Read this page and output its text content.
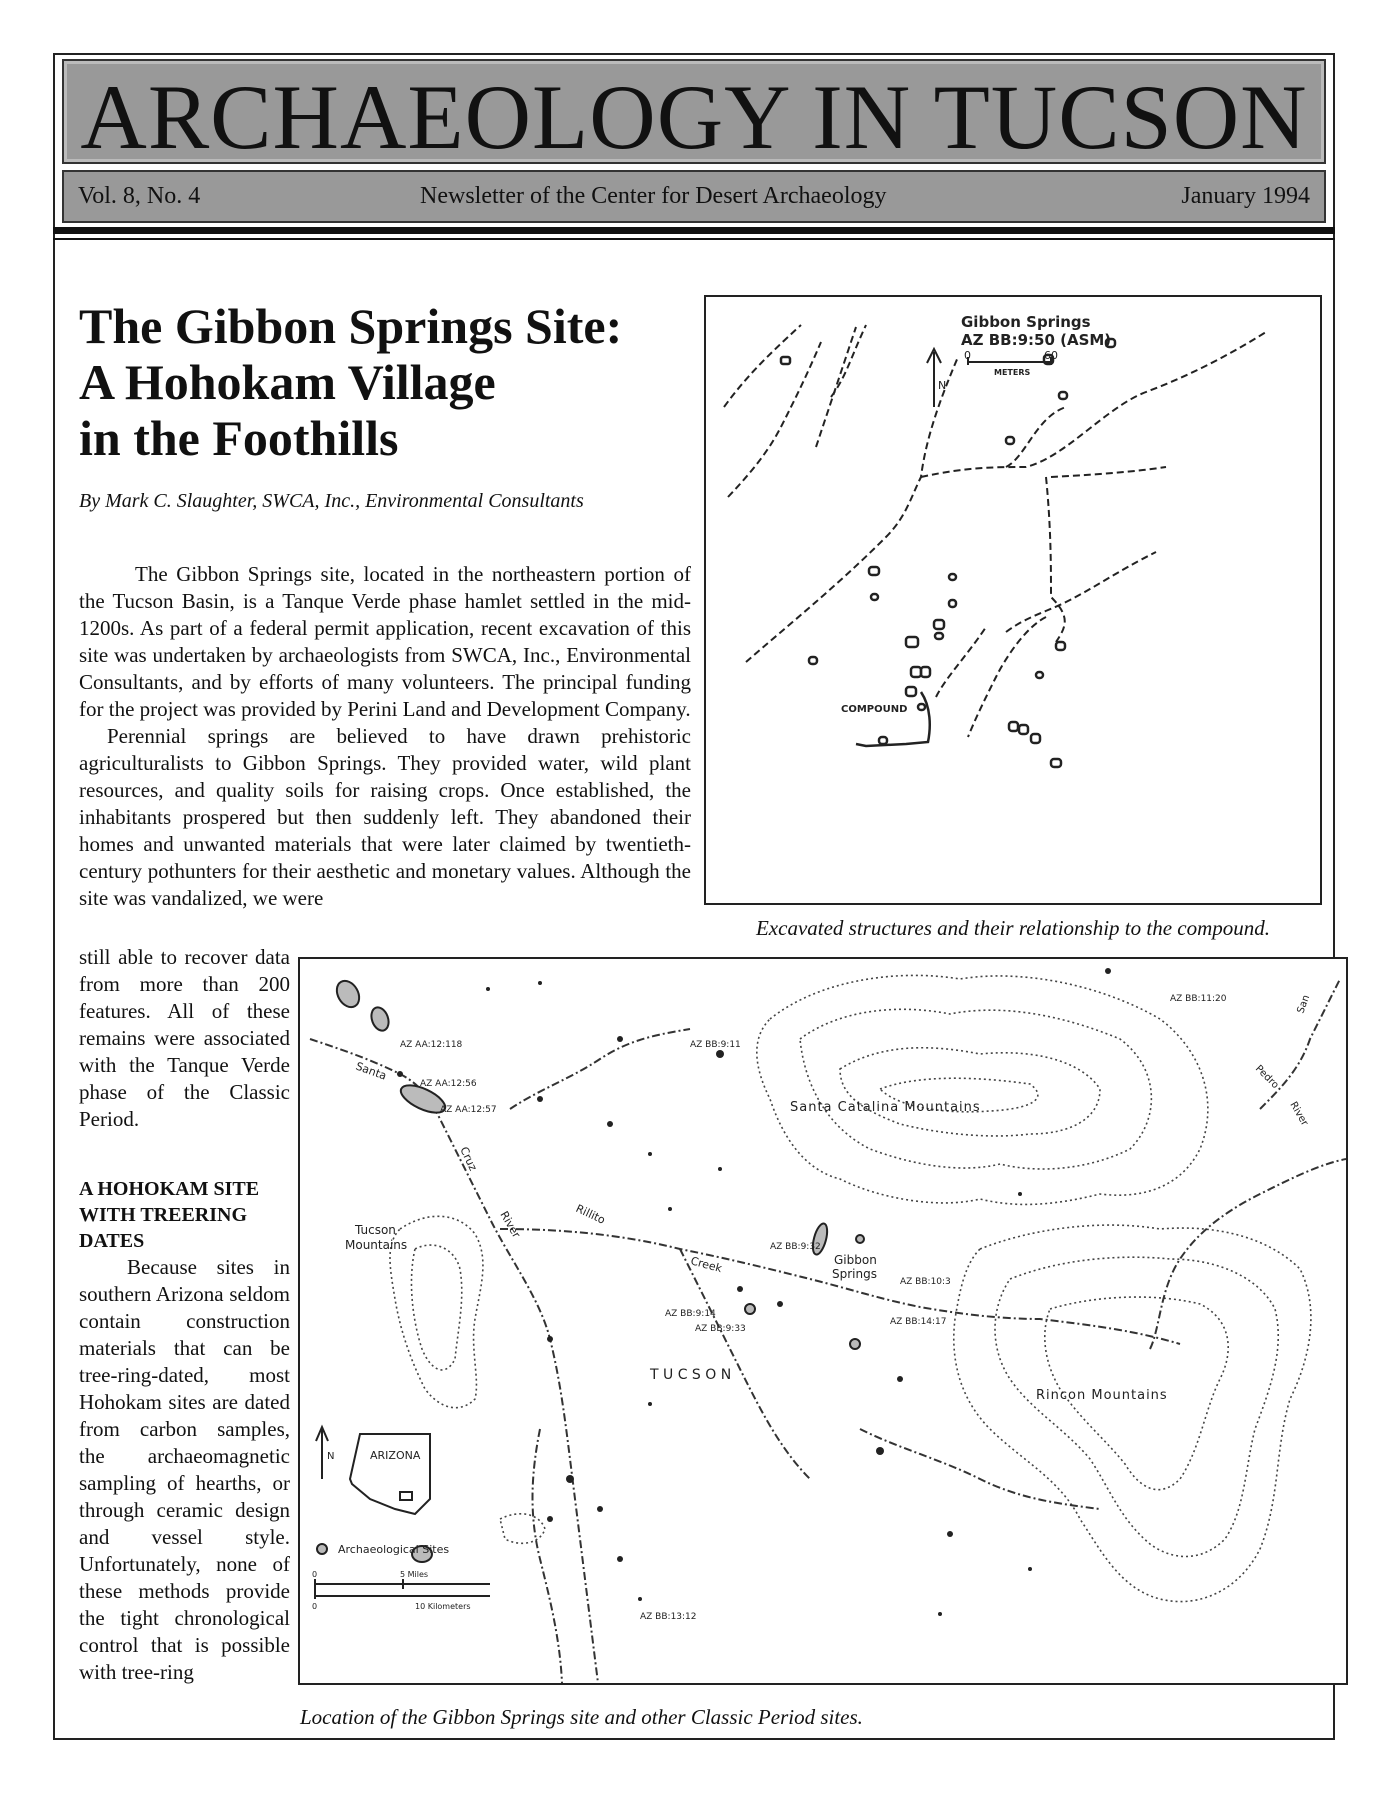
ARCHAEOLOGY IN TUCSON
Vol. 8, No. 4	Newsletter of the Center for Desert Archaeology	January 1994
The Gibbon Springs Site:
A Hohokam Village
in the Foothills
By Mark C. Slaughter, SWCA, Inc., Environmental Consultants

The Gibbon Springs site, located in the northeastern portion of the Tucson Basin, is a Tanque Verde phase hamlet settled in the mid-1200s. As part of a federal permit application, recent excavation of this site was undertaken by archaeologists from SWCA, Inc., Environmental Consultants, and by efforts of many volunteers. The principal funding for the project was provided by Perini Land and Development Company.

Perennial springs are believed to have drawn prehistoric agriculturalists to Gibbon Springs. They provided water, wild plant resources, and quality soils for raising crops. Once established, the inhabitants prospered but then suddenly left. They abandoned their homes and unwanted materials that were later claimed by twentieth-century pothunters for their aesthetic and monetary values. Although the site was vandalized, we were

still able to recover data from more than 200 features. All of these remains were associated with the Tanque Verde phase of the Classic Period.

A HOHOKAM SITE WITH TREERING DATES

Because sites in southern Arizona seldom contain construction materials that can be tree-ring-dated, most Hohokam sites are dated from carbon samples, the archaeomagnetic sampling of hearths, or through ceramic design and vessel style. Unfortunately, none of these methods provide the tight chronological control that is possible with tree-ring

N
Gibbon Springs
AZ BB:9:50 (ASM)
0	60
METERS
COMPOUND
Excavated structures and their relationship to the compound.
N	ARIZONA
Archaeological Sites
0
0
5 Miles
10 Kilometers
Santa Catalina Mountains
Tucson
Mountains
Rincon Mountains
T U C S O N
Gibbon
Springs
Santa
Cruz
River	Rillito
Creek
San
Pedro
River
AZ AA:12:118
AZ AA:12:56
AZ AA:12:57
AZ BB:9:11
AZ BB:11:20
AZ BB:9:32
AZ BB:10:3
AZ BB:9:14
AZ BB:9:33
AZ BB:14:17
AZ BB:13:12
Location of the Gibbon Springs site and other Classic Period sites.
